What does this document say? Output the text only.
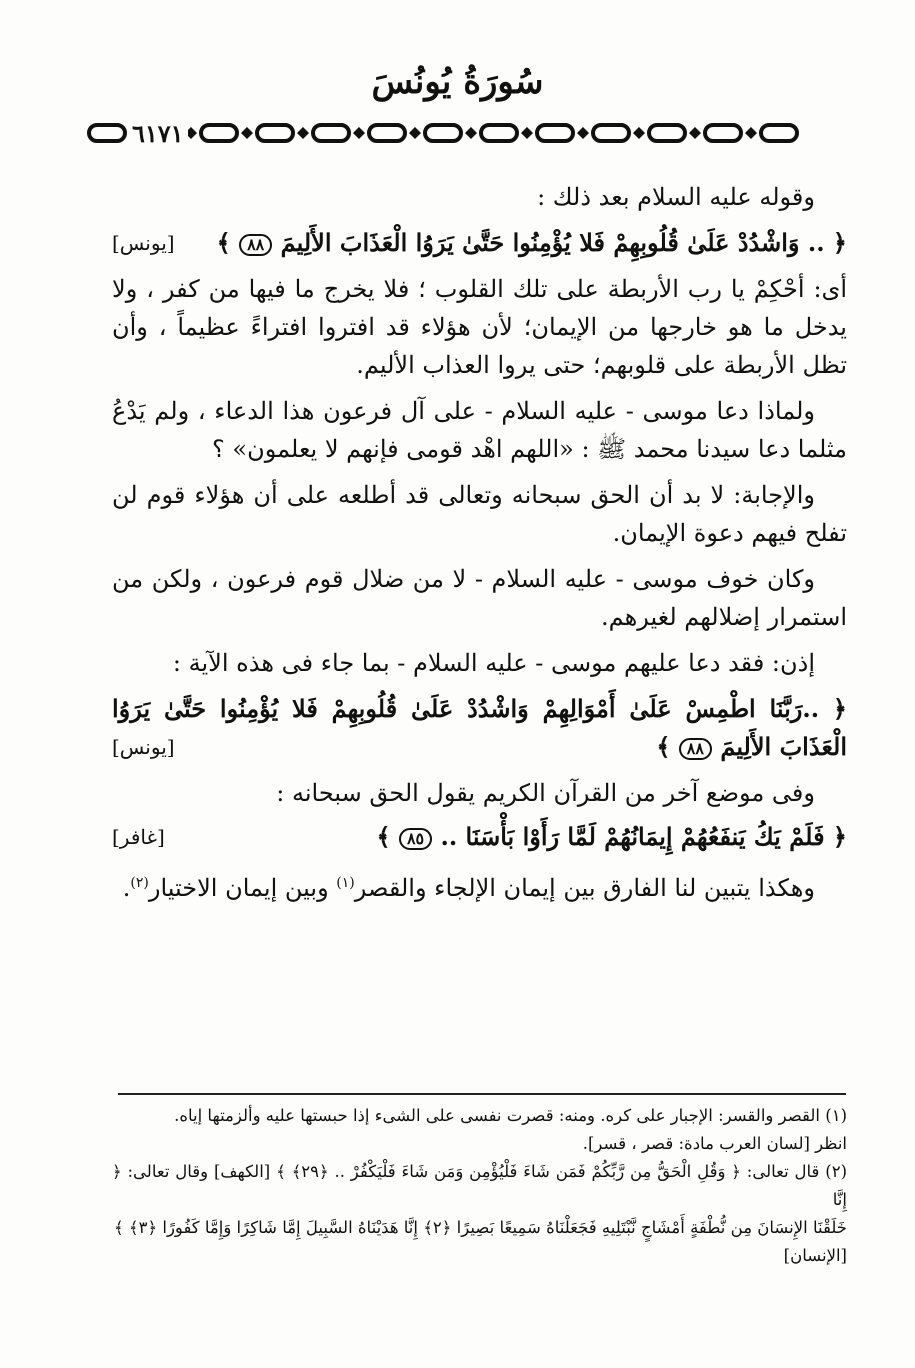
سُورَةُ يُونُسَ
٦١٧١

وقوله عليه السلام بعد ذلك :

﴿ .. وَاشْدُدْ عَلَىٰ قُلُوبِهِمْ فَلا يُؤْمِنُوا حَتَّىٰ يَرَوُا الْعَذَابَ الأَلِيمَ ٨٨ ﴾
[يونس]

أى: أحْكِمْ يا رب الأربطة على تلك القلوب ؛ فلا يخرج ما فيها من كفر ، ولا يدخل ما هو خارجها من الإيمان؛ لأن هؤلاء قد افتروا افتراءً عظيماً ، وأن تظل الأربطة على قلوبهم؛ حتى يروا العذاب الأليم.

ولماذا دعا موسى - عليه السلام - على آل فرعون هذا الدعاء ، ولم يَدْعُ مثلما دعا سيدنا محمد ﷺ : «اللهم اهْد قومى فإنهم لا يعلمون» ؟

والإجابة: لا بد أن الحق سبحانه وتعالى قد أطلعه على أن هؤلاء قوم لن تفلح فيهم دعوة الإيمان.

وكان خوف موسى - عليه السلام - لا من ضلال قوم فرعون ، ولكن من استمرار إضلالهم لغيرهم.

إذن: فقد دعا عليهم موسى - عليه السلام - بما جاء فى هذه الآية :

﴿ ..رَبَّنَا اطْمِسْ عَلَىٰ أَمْوَالِهِمْ وَاشْدُدْ عَلَىٰ قُلُوبِهِمْ فَلا يُؤْمِنُوا حَتَّىٰ يَرَوُا الْعَذَابَ الأَلِيمَ ٨٨ ﴾
[يونس]

وفى موضع آخر من القرآن الكريم يقول الحق سبحانه :

﴿ فَلَمْ يَكُ يَنفَعُهُمْ إِيمَانُهُمْ لَمَّا رَأَوْا بَأْسَنَا .. ٨٥ ﴾
[غافر]

وهكذا يتبين لنا الفارق بين إيمان الإلجاء والقصر$^{(١)}$ وبين إيمان الاختيار$^{(٢)}$.

(١) القصر والقسر: الإجبار على كره. ومنه: قصرت نفسى على الشىء إذا حبستها عليه وألزمتها إياه.

انظر [لسان العرب مادة: قصر ، قسر].

(٢) قال تعالى: ﴿ وَقُلِ الْحَقُّ مِن رَّبِّكُمْ فَمَن شَاءَ فَلْيُؤْمِن وَمَن شَاءَ فَلْيَكْفُرْ .. ﴿٢٩﴾ ﴾ [الكهف] وقال تعالى: ﴿ إِنَّا

خَلَقْنَا الإِنسَانَ مِن نُّطْفَةٍ أَمْشَاجٍ نَّبْتَلِيهِ فَجَعَلْنَاهُ سَمِيعًا بَصِيرًا ﴿٢﴾ إِنَّا هَدَيْنَاهُ السَّبِيلَ إِمَّا شَاكِرًا وَإِمَّا كَفُورًا ﴿٣﴾ ﴾

[الإنسان]
